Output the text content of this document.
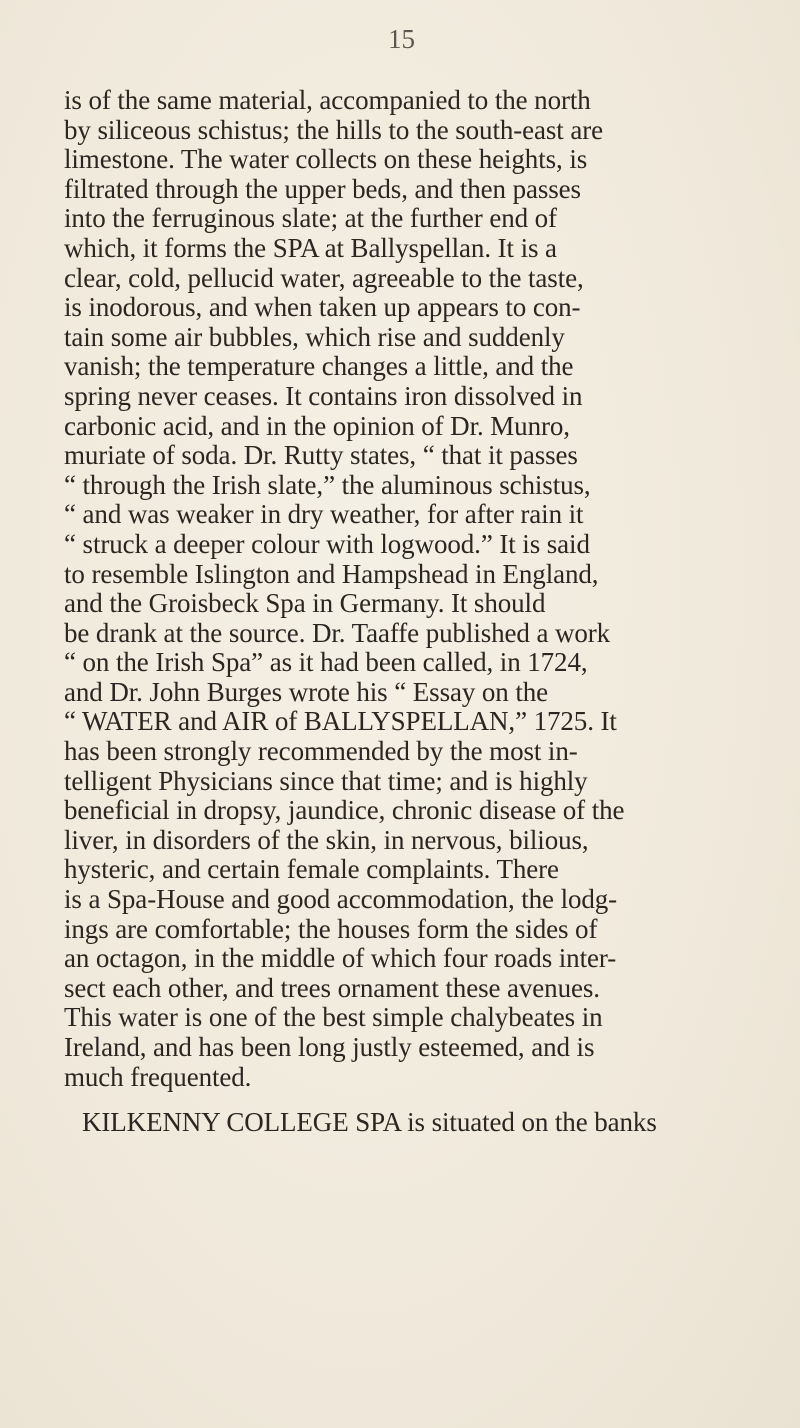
15
is of the same material, accompanied to the north
by siliceous schistus; the hills to the south-east are
limestone. The water collects on these heights, is
filtrated through the upper beds, and then passes
into the ferruginous slate; at the further end of
which, it forms the SPA at Ballyspellan. It is a
clear, cold, pellucid water, agreeable to the taste,
is inodorous, and when taken up appears to con-
tain some air bubbles, which rise and suddenly
vanish; the temperature changes a little, and the
spring never ceases. It contains iron dissolved in
carbonic acid, and in the opinion of Dr. Munro,
muriate of soda. Dr. Rutty states, “ that it passes
“ through the Irish slate,” the aluminous schistus,
“ and was weaker in dry weather, for after rain it
“ struck a deeper colour with logwood.” It is said
to resemble Islington and Hampshead in England,
and the Groisbeck Spa in Germany. It should
be drank at the source. Dr. Taaffe published a work
“ on the Irish Spa” as it had been called, in 1724,
and Dr. John Burges wrote his “ Essay on the
“ WATER and AIR of BALLYSPELLAN,” 1725. It
has been strongly recommended by the most in-
telligent Physicians since that time; and is highly
beneficial in dropsy, jaundice, chronic disease of the
liver, in disorders of the skin, in nervous, bilious,
hysteric, and certain female complaints. There
is a Spa-House and good accommodation, the lodg-
ings are comfortable; the houses form the sides of
an octagon, in the middle of which four roads inter-
sect each other, and trees ornament these avenues.
This water is one of the best simple chalybeates in
Ireland, and has been long justly esteemed, and is
much frequented.
KILKENNY COLLEGE SPA is situated on the banks
